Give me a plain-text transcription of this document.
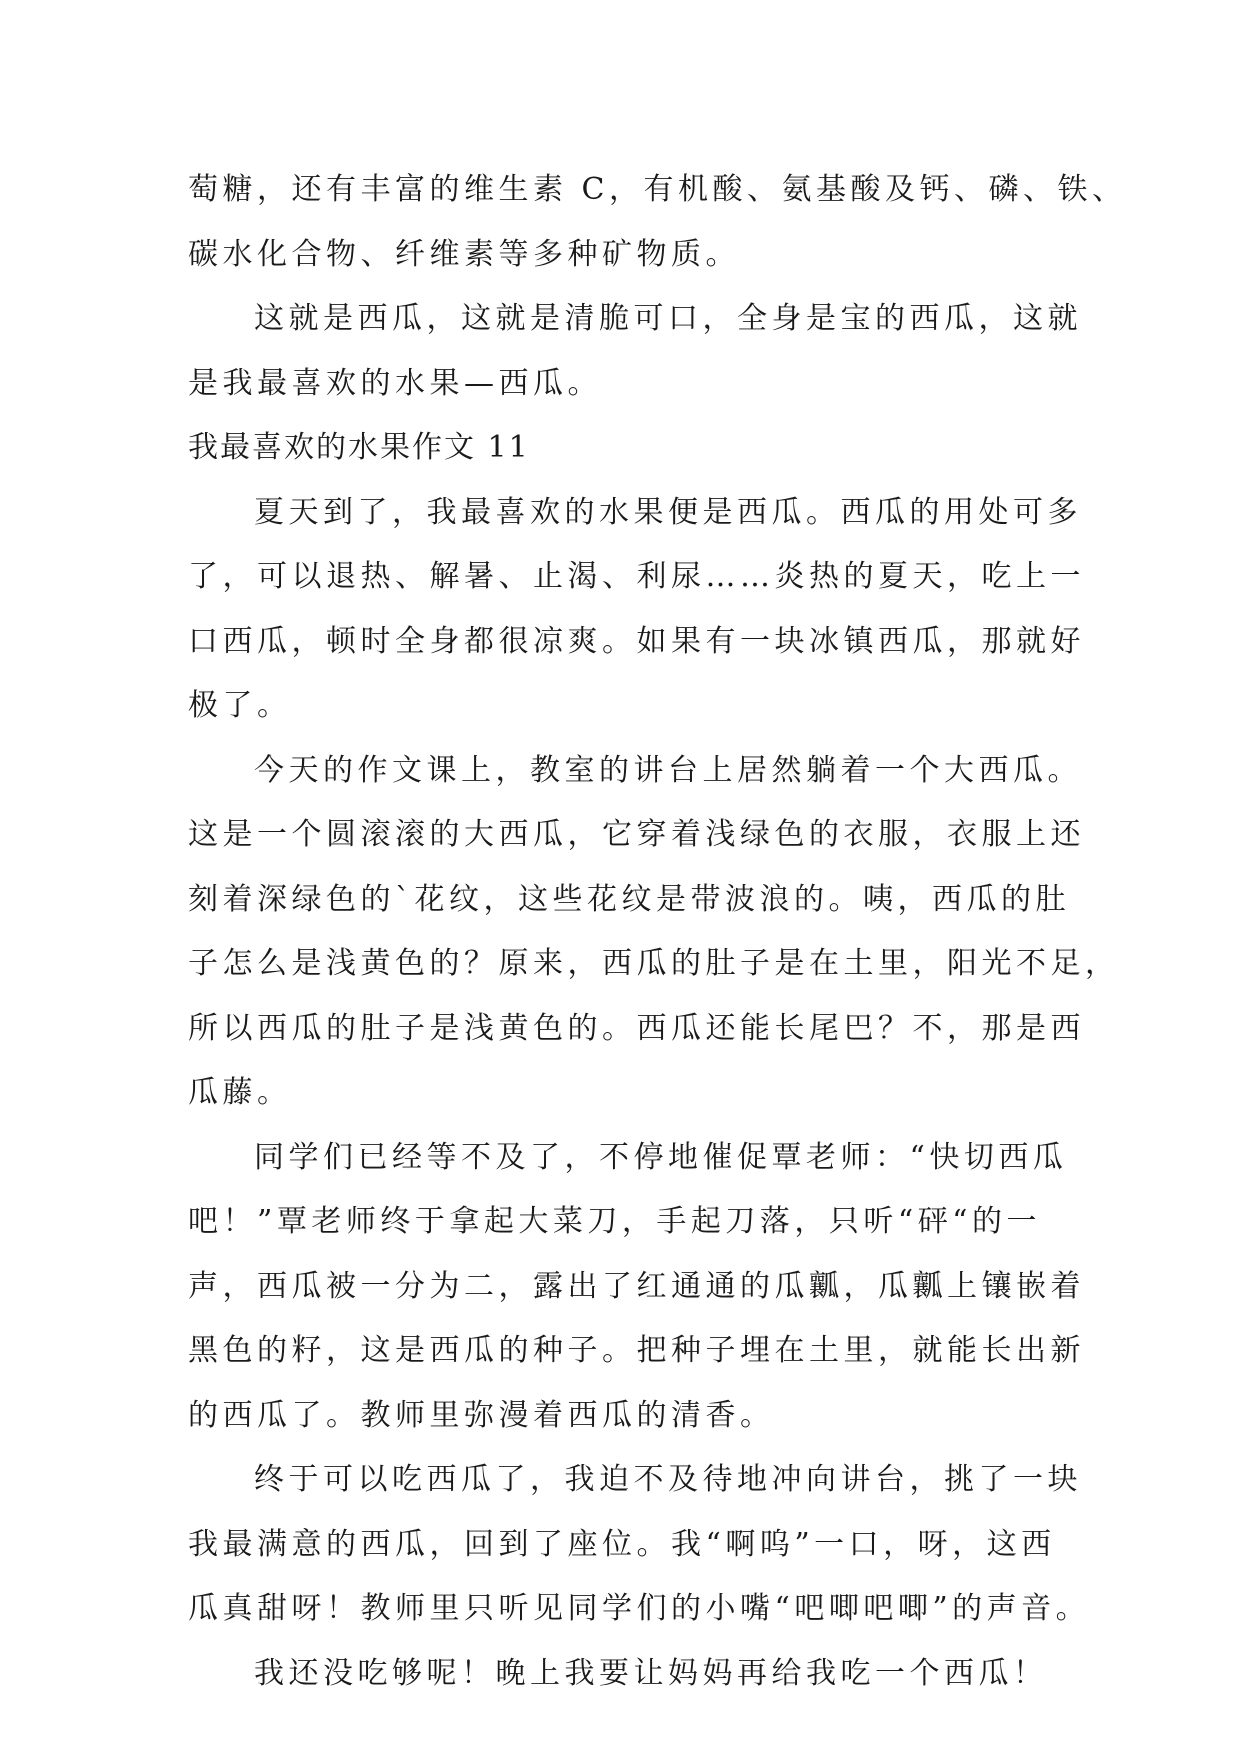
萄糖，还有丰富的维生素 C，有机酸、氨基酸及钙、磷、铁、
碳水化合物、纤维素等多种矿物质。
这就是西瓜，这就是清脆可口，全身是宝的西瓜，这就
是我最喜欢的水果—西瓜。
我最喜欢的水果作文 11
夏天到了，我最喜欢的水果便是西瓜。西瓜的用处可多
了，可以退热、解暑、止渴、利尿……炎热的夏天，吃上一
口西瓜，顿时全身都很凉爽。如果有一块冰镇西瓜，那就好
极了。
今天的作文课上，教室的讲台上居然躺着一个大西瓜。
这是一个圆滚滚的大西瓜，它穿着浅绿色的衣服，衣服上还
刻着深绿色的`花纹，这些花纹是带波浪的。咦，西瓜的肚
子怎么是浅黄色的？原来，西瓜的肚子是在土里，阳光不足，
所以西瓜的肚子是浅黄色的。西瓜还能长尾巴？不，那是西
瓜藤。
同学们已经等不及了，不停地催促覃老师：“快切西瓜
吧！”覃老师终于拿起大菜刀，手起刀落，只听“砰“的一
声，西瓜被一分为二，露出了红通通的瓜瓤，瓜瓤上镶嵌着
黑色的籽，这是西瓜的种子。把种子埋在土里，就能长出新
的西瓜了。教师里弥漫着西瓜的清香。
终于可以吃西瓜了，我迫不及待地冲向讲台，挑了一块
我最满意的西瓜，回到了座位。我“啊呜”一口，呀，这西
瓜真甜呀！教师里只听见同学们的小嘴“吧唧吧唧”的声音。
我还没吃够呢！晚上我要让妈妈再给我吃一个西瓜！
